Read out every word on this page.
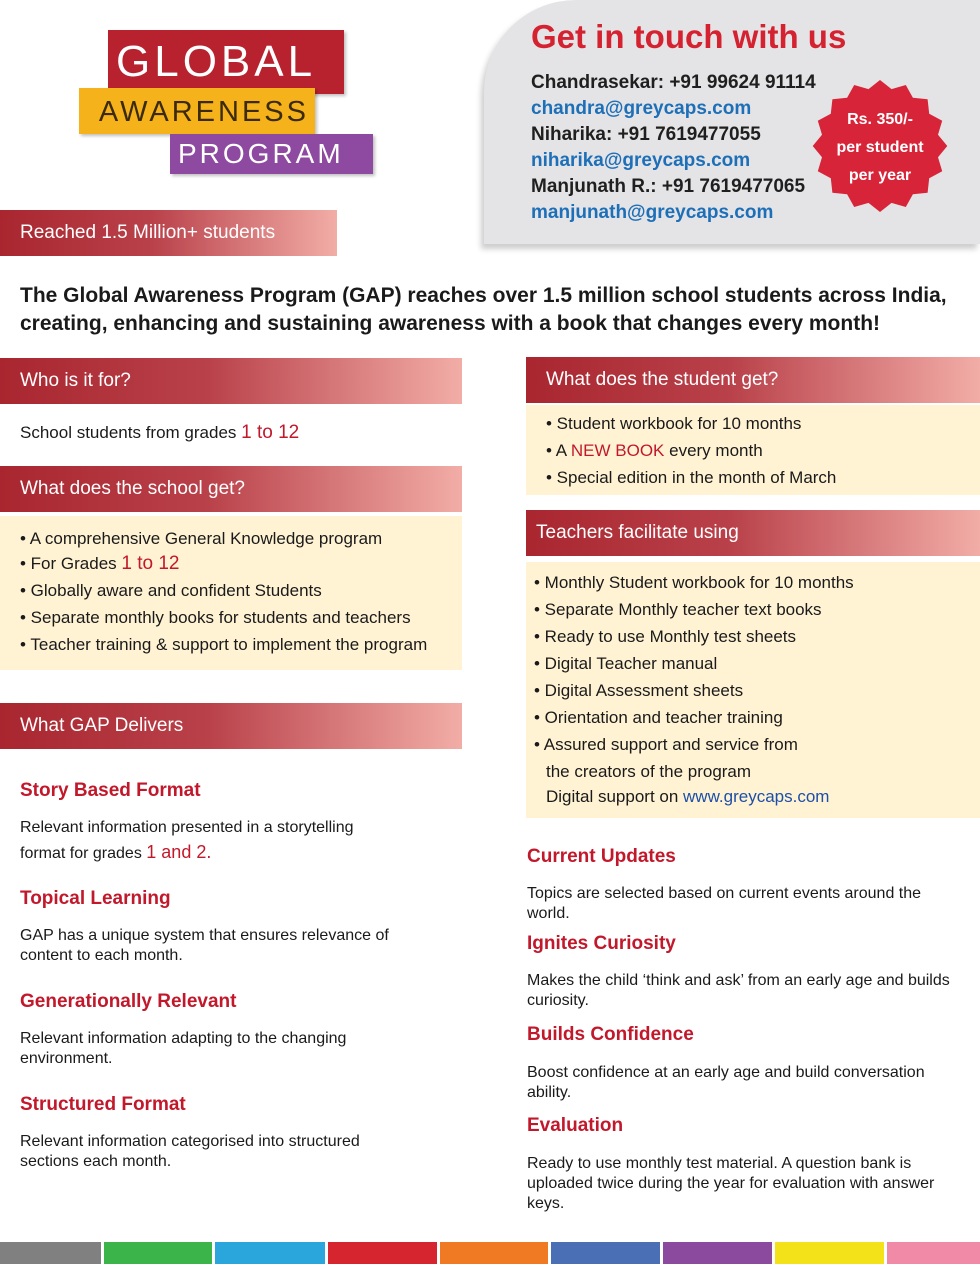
GLOBAL
AWARENESS
PROGRAM
Get in touch with us
Chandrasekar: +91 99624 91114
chandra@greycaps.com
Niharika: +91 7619477055
niharika@greycaps.com
Manjunath R.: +91 7619477065
manjunath@greycaps.com
Rs. 350/-
per student
per year
Reached 1.5 Million+ students
The Global Awareness Program (GAP) reaches over 1.5 million school students across India, creating, enhancing and sustaining awareness with a book that changes every month!
Who is it for?
School students from grades 1 to 12
What does the school get?
• A comprehensive General Knowledge program
• For Grades 1 to 12
• Globally aware and confident Students
• Separate monthly books for students and teachers
• Teacher training & support to implement the program
What does the student get?
• Student workbook for 10 months
• A NEW BOOK every month
• Special edition in the month of March
Teachers facilitate using
• Monthly Student workbook for 10 months
• Separate Monthly teacher text books
• Ready to use Monthly test sheets
• Digital Teacher manual
• Digital Assessment sheets
• Orientation and teacher training
• Assured support and service from
the creators of the program
Digital support on www.greycaps.com
What GAP Delivers
Story Based Format
Relevant information presented in a storytelling
format for grades 1 and 2.
Topical Learning
GAP has a unique system that ensures relevance of content to each month.
Generationally Relevant
Relevant information adapting to the changing environment.
Structured Format
Relevant information categorised into structured sections each month.
Current Updates
Topics are selected based on current events around the world.
Ignites Curiosity
Makes the child ‘think and ask’ from an early age and builds curiosity.
Builds Confidence
Boost confidence at an early age and build conversation ability.
Evaluation
Ready to use monthly test material. A question bank is uploaded twice during the year for evaluation with answer keys.
